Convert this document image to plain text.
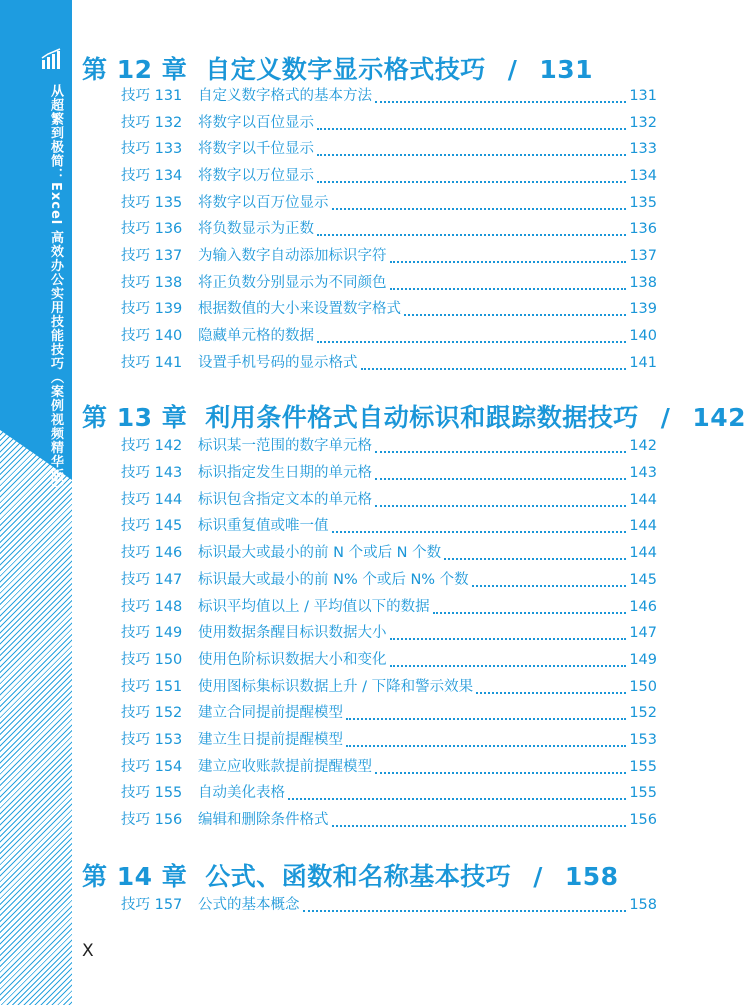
从超繁到极简：Excel 高效办公实用技能技巧（案例视频精华版）
第 12 章 自定义数字显示格式技巧 / 131
技巧 131	自定义数字格式的基本方法	131
技巧 132	将数字以百位显示	132
技巧 133	将数字以千位显示	133
技巧 134	将数字以万位显示	134
技巧 135	将数字以百万位显示	135
技巧 136	将负数显示为正数	136
技巧 137	为输入数字自动添加标识字符	137
技巧 138	将正负数分别显示为不同颜色	138
技巧 139	根据数值的大小来设置数字格式	139
技巧 140	隐藏单元格的数据	140
技巧 141	设置手机号码的显示格式	141
第 13 章 利用条件格式自动标识和跟踪数据技巧 / 142
技巧 142	标识某一范围的数字单元格	142
技巧 143	标识指定发生日期的单元格	143
技巧 144	标识包含指定文本的单元格	144
技巧 145	标识重复值或唯一值	144
技巧 146	标识最大或最小的前 N 个或后 N 个数	144
技巧 147	标识最大或最小的前 N% 个或后 N% 个数	145
技巧 148	标识平均值以上 / 平均值以下的数据	146
技巧 149	使用数据条醒目标识数据大小	147
技巧 150	使用色阶标识数据大小和变化	149
技巧 151	使用图标集标识数据上升 / 下降和警示效果	150
技巧 152	建立合同提前提醒模型	152
技巧 153	建立生日提前提醒模型	153
技巧 154	建立应收账款提前提醒模型	155
技巧 155	自动美化表格	155
技巧 156	编辑和删除条件格式	156
第 14 章 公式、函数和名称基本技巧 / 158
技巧 157	公式的基本概念	158
X
